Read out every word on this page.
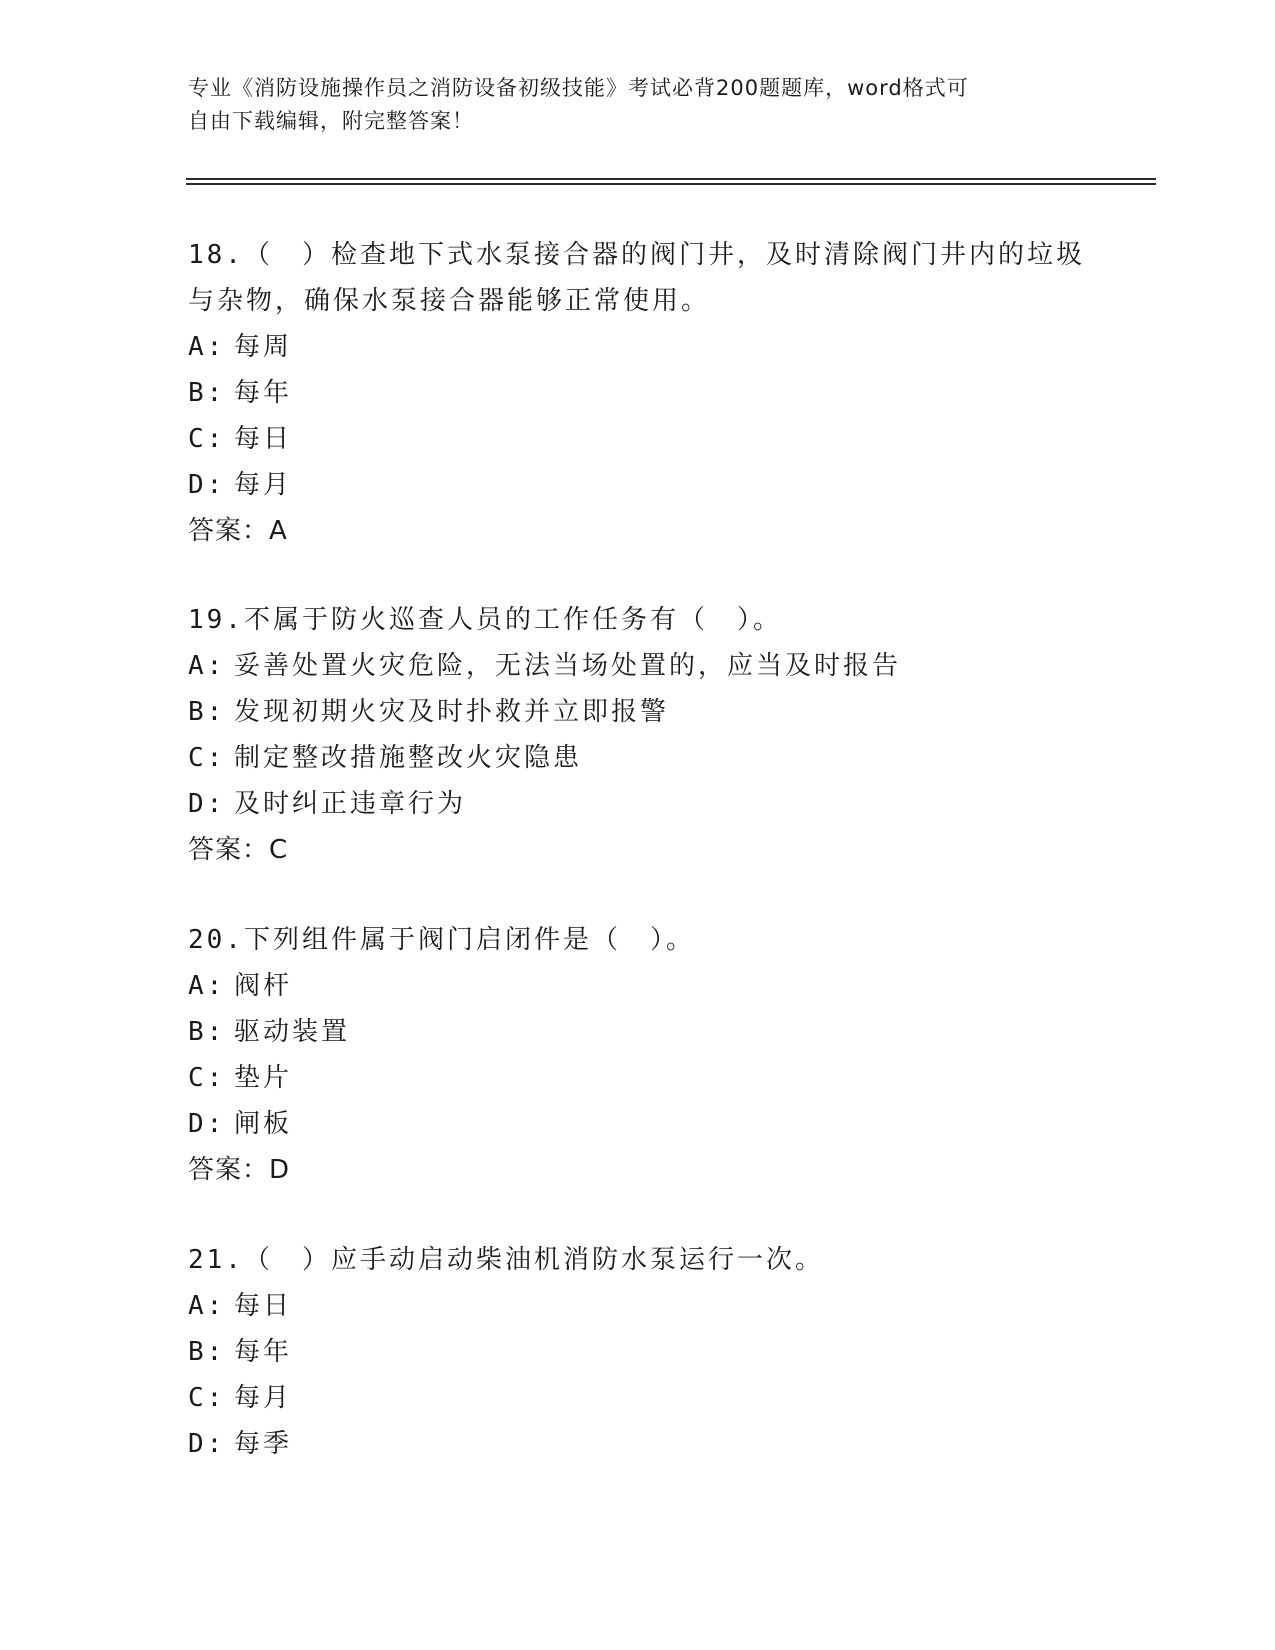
专业《消防设施操作员之消防设备初级技能》考试必背200题题库，word格式可
自由下载编辑，附完整答案！

18.（　）检查地下式水泵接合器的阀门井，及时清除阀门井内的垃圾

与杂物，确保水泵接合器能够正常使用。

A: 每周

B: 每年

C: 每日

D: 每月

答案：A

19.不属于防火巡查人员的工作任务有（　）。

A: 妥善处置火灾危险，无法当场处置的，应当及时报告

B: 发现初期火灾及时扑救并立即报警

C: 制定整改措施整改火灾隐患

D: 及时纠正违章行为

答案：C

20.下列组件属于阀门启闭件是（　）。

A: 阀杆

B: 驱动装置

C: 垫片

D: 闸板

答案：D

21.（　）应手动启动柴油机消防水泵运行一次。

A: 每日

B: 每年

C: 每月

D: 每季
